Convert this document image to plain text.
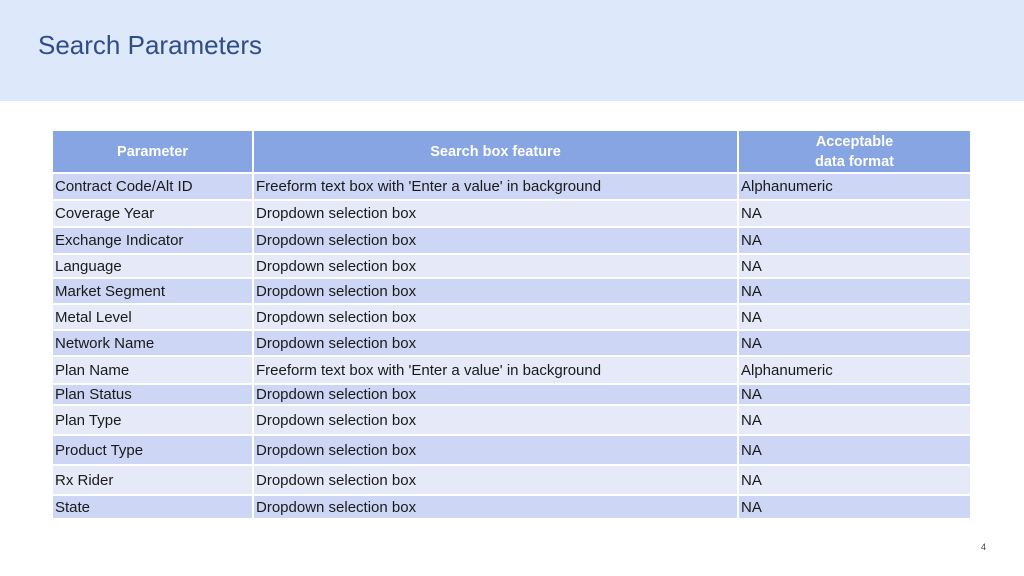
Search Parameters
Parameter	Search box feature	Acceptable
data format

Contract Code/Alt ID	Freeform text box with 'Enter a value' in background	Alphanumeric
Coverage Year	Dropdown selection box	NA
Exchange Indicator	Dropdown selection box	NA
Language	Dropdown selection box	NA
Market Segment	Dropdown selection box	NA
Metal Level	Dropdown selection box	NA
Network Name	Dropdown selection box	NA
Plan Name	Freeform text box with 'Enter a value' in background	Alphanumeric
Plan Status	Dropdown selection box	NA
Plan Type	Dropdown selection box	NA
Product Type	Dropdown selection box	NA
Rx Rider	Dropdown selection box	NA
State	Dropdown selection box	NA
4
